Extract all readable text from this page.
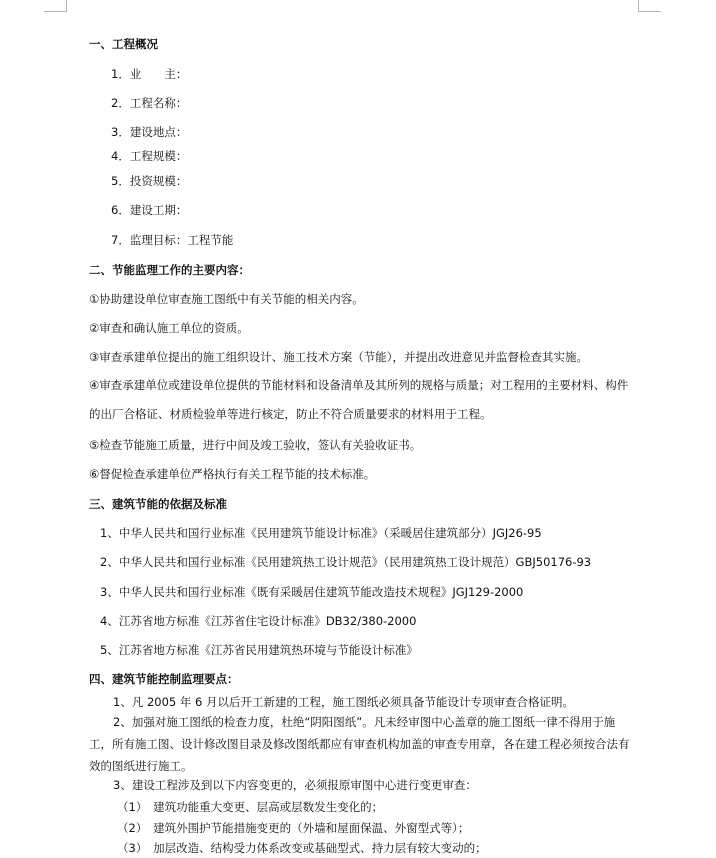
一、工程概况
1．业　　主：
2．工程名称：
3．建设地点：
4．工程规模：
5．投资规模：
6．建设工期：
7．监理目标：工程节能
二、节能监理工作的主要内容：
①协助建设单位审查施工图纸中有关节能的相关内容。
②审查和确认施工单位的资质。
③审查承建单位提出的施工组织设计、施工技术方案（节能），并提出改进意见并监督检查其实施。
④审查承建单位或建设单位提供的节能材料和设备清单及其所列的规格与质量；对工程用的主要材料、构件的出厂合格证、材质检验单等进行核定，防止不符合质量要求的材料用于工程。
⑤检查节能施工质量，进行中间及竣工验收，签认有关验收证书。
⑥督促检查承建单位严格执行有关工程节能的技术标准。
三、建筑节能的依据及标准
1、中华人民共和国行业标准《民用建筑节能设计标准》（采暖居住建筑部分）JGJ26-95
2、中华人民共和国行业标准《民用建筑热工设计规范》（民用建筑热工设计规范）GBJ50176-93
3、中华人民共和国行业标准《既有采暖居住建筑节能改造技术规程》JGJ129-2000
4、江苏省地方标准《江苏省住宅设计标准》DB32/380-2000
5、江苏省地方标准《江苏省民用建筑热环境与节能设计标准》
四、建筑节能控制监理要点：
1、凡 2005 年 6 月以后开工新建的工程，施工图纸必须具备节能设计专项审查合格证明。
2、加强对施工图纸的检查力度，杜绝“阴阳图纸”。凡未经审图中心盖章的施工图纸一律不得用于施工，所有施工图、设计修改图目录及修改图纸都应有审查机构加盖的审查专用章，各在建工程必须按合法有效的图纸进行施工。
3、建设工程涉及到以下内容变更的，必须报原审图中心进行变更审查：
（1）　建筑功能重大变更、层高或层数发生变化的；
（2）　建筑外围护节能措施变更的（外墙和屋面保温、外窗型式等）；
（3）　加层改造、结构受力体系改变或基础型式、持力层有较大变动的；
